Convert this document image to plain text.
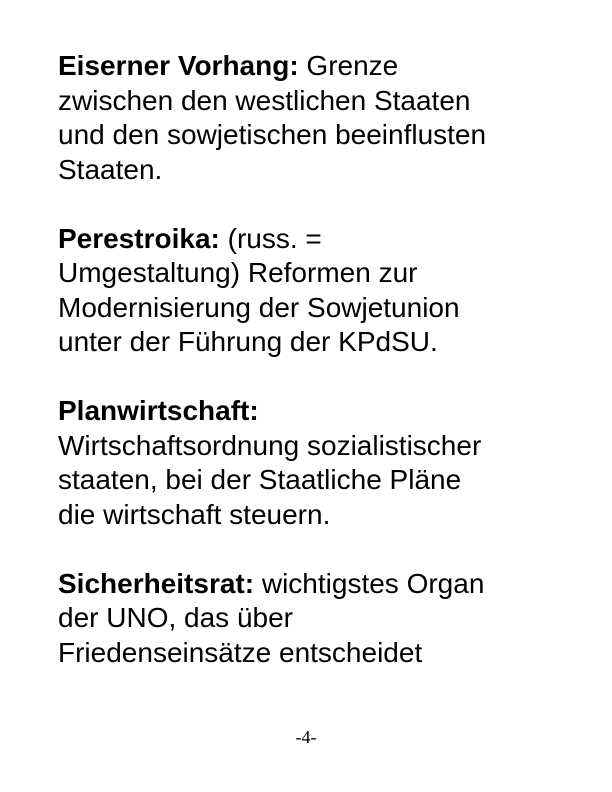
Eiserner Vorhang: Grenze
zwischen den westlichen Staaten
und den sowjetischen beeinflusten
Staaten.

Perestroika: (russ. =
Umgestaltung) Reformen zur
Modernisierung der Sowjetunion
unter der Führung der KPdSU.

Planwirtschaft:
Wirtschaftsordnung sozialistischer
staaten, bei der Staatliche Pläne
die wirtschaft steuern.

Sicherheitsrat: wichtigstes Organ
der UNO, das über
Friedenseinsätze entscheidet

-4-
